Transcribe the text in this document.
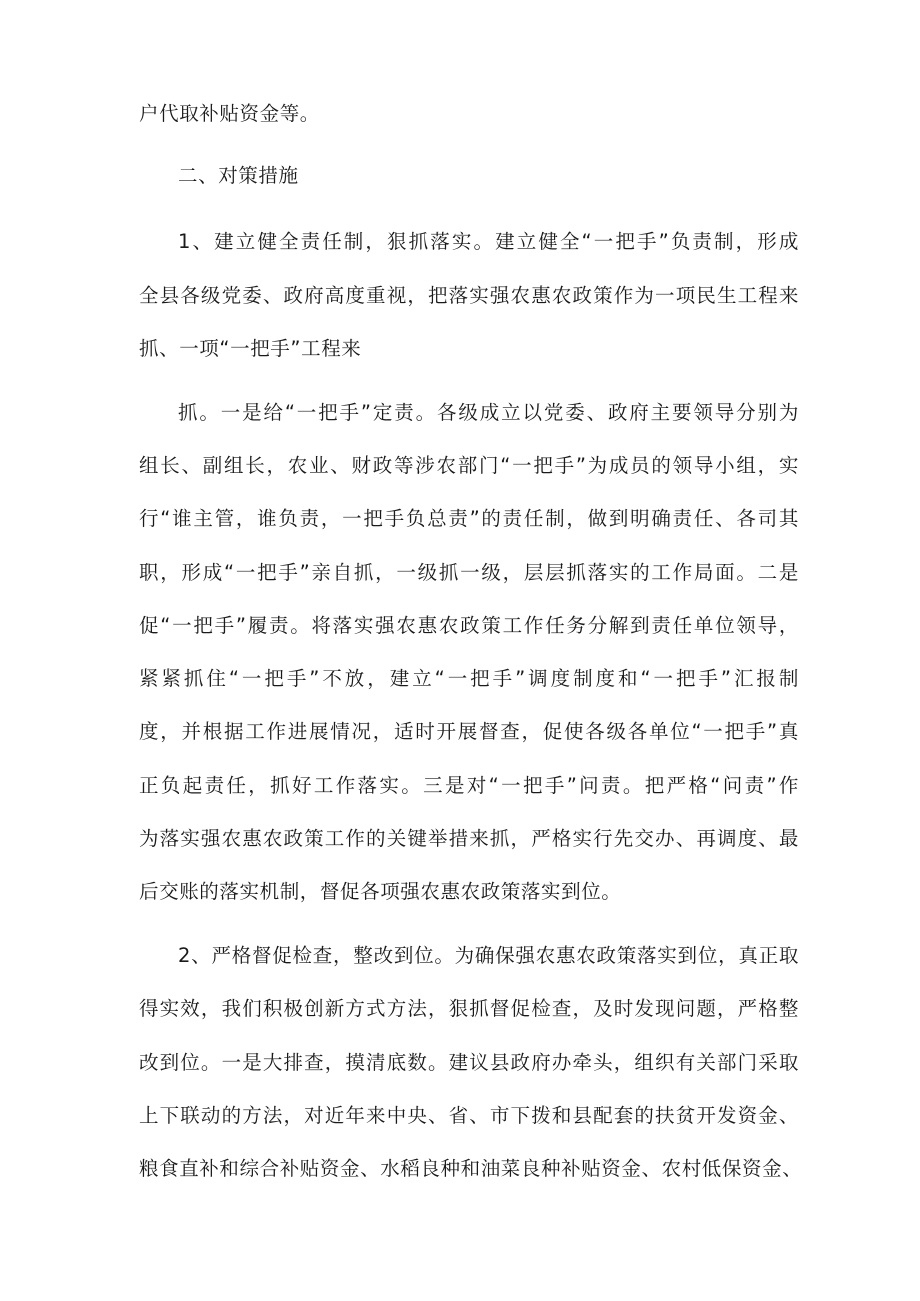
户代取补贴资金等。
二、对策措施
1、建立健全责任制，狠抓落实。建立健全“一把手”负责制，形成
全县各级党委、政府高度重视，把落实强农惠农政策作为一项民生工程来
抓、一项“一把手”工程来
抓。一是给“一把手”定责。各级成立以党委、政府主要领导分别为
组长、副组长，农业、财政等涉农部门“一把手”为成员的领导小组，实
行“谁主管，谁负责，一把手负总责”的责任制，做到明确责任、各司其
职，形成“一把手”亲自抓，一级抓一级，层层抓落实的工作局面。二是
促“一把手”履责。将落实强农惠农政策工作任务分解到责任单位领导，
紧紧抓住“一把手”不放，建立“一把手”调度制度和“一把手”汇报制
度，并根据工作进展情况，适时开展督查，促使各级各单位“一把手”真
正负起责任，抓好工作落实。三是对“一把手”问责。把严格“问责”作
为落实强农惠农政策工作的关键举措来抓，严格实行先交办、再调度、最
后交账的落实机制，督促各项强农惠农政策落实到位。
2、严格督促检查，整改到位。为确保强农惠农政策落实到位，真正取
得实效，我们积极创新方式方法，狠抓督促检查，及时发现问题，严格整
改到位。一是大排查，摸清底数。建议县政府办牵头，组织有关部门采取
上下联动的方法，对近年来中央、省、市下拨和县配套的扶贫开发资金、
粮食直补和综合补贴资金、水稻良种和油菜良种补贴资金、农村低保资金、
